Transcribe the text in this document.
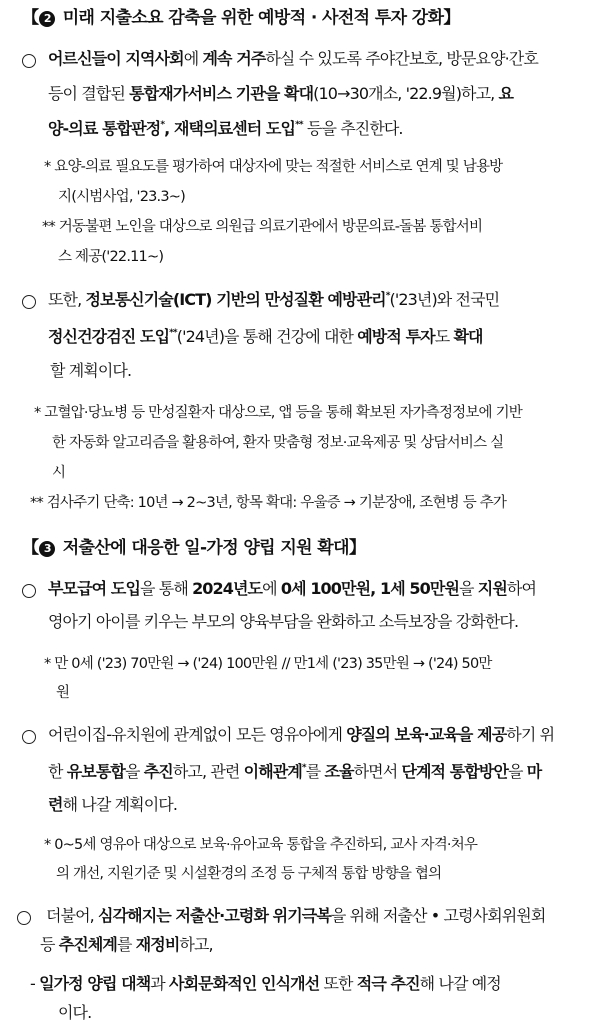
【 2 미래 지출소요 감축을 위한 예방적 · 사전적 투자 강화】
어르신들이 지역사회에 계속 거주하실 수 있도록 주야간보호, 방문요양·간호
등이 결합된 통합재가서비스 기관을 확대(10→30개소, '22.9월)하고, 요
양-의료 통합판정*, 재택의료센터 도입** 등을 추진한다.
* 요양-의료 필요도를 평가하여 대상자에 맞는 적절한 서비스로 연계 및 남용방
지(시범사업, '23.3~)
** 거동불편 노인을 대상으로 의원급 의료기관에서 방문의료-돌봄 통합서비
스 제공('22.11~)
또한, 정보통신기술(ICT) 기반의 만성질환 예방관리*('23년)와 전국민
정신건강검진 도입**('24년)을 통해 건강에 대한 예방적 투자도 확대
할 계획이다.
* 고혈압·당뇨병 등 만성질환자 대상으로, 앱 등을 통해 확보된 자가측정정보에 기반
한 자동화 알고리즘을 활용하여, 환자 맞춤형 정보·교육제공 및 상담서비스 실
시
** 검사주기 단축: 10년 → 2~3년, 항목 확대: 우울증 → 기분장애, 조현병 등 추가
【 3 저출산에 대응한 일-가정 양립 지원 확대】
부모급여 도입을 통해 2024년도에 0세 100만원, 1세 50만원을 지원하여
영아기 아이를 키우는 부모의 양육부담을 완화하고 소득보장을 강화한다.
* 만 0세 ('23) 70만원 → ('24) 100만원 // 만1세 ('23) 35만원 → ('24) 50만
원
어린이집-유치원에 관계없이 모든 영유아에게 양질의 보육·교육을 제공하기 위
한 유보통합을 추진하고, 관련 이해관계*를 조율하면서 단계적 통합방안을 마
련해 나갈 계획이다.
* 0~5세 영유아 대상으로 보육·유아교육 통합을 추진하되, 교사 자격·처우
의 개선, 지원기준 및 시설환경의 조정 등 구체적 통합 방향을 협의
더불어, 심각해지는 저출산·고령화 위기극복을 위해 저출산 • 고령사회위원회
등 추진체계를 재정비하고,
- 일가정 양립 대책과 사회문화적인 인식개선 또한 적극 추진해 나갈 예정
이다.
